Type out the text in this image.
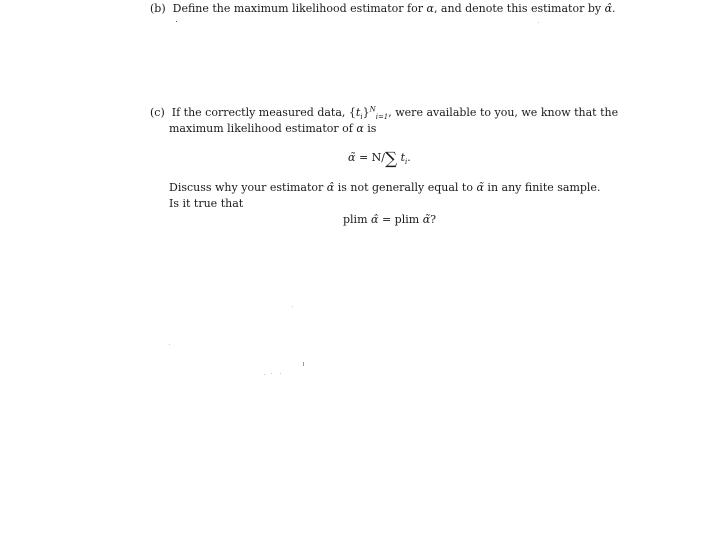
(b) Define the maximum likelihood estimator for α, and denote this estimator by α̂.
(c) If the correctly measured data, $\{t_i\}^N_{i=1}$, were available to you, we know that the
maximum likelihood estimator of α is
α̃ = N/∑ $t_i$.
Discuss why your estimator α̂ is not generally equal to α̃ in any finite sample.
Is it true that
plim α̂ = plim α̃?
